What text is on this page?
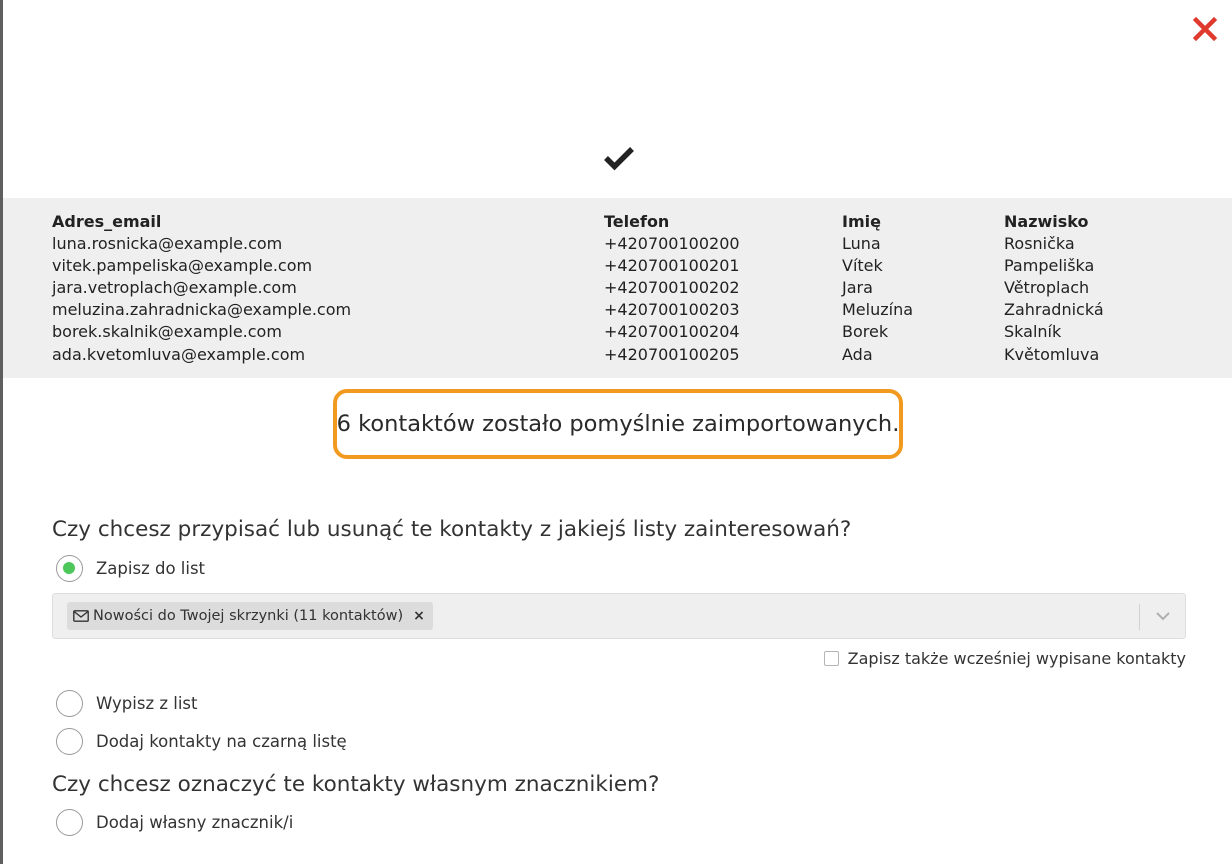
Adres_email	Telefon	Imię	Nazwisko
luna.rosnicka@example.com	+420700100200	Luna	Rosnička
vitek.pampeliska@example.com	+420700100201	Vítek	Pampeliška
jara.vetroplach@example.com	+420700100202	Jara	Větroplach
meluzina.zahradnicka@example.com	+420700100203	Meluzína	Zahradnická
borek.skalnik@example.com	+420700100204	Borek	Skalník
ada.kvetomluva@example.com	+420700100205	Ada	Květomluva
6 kontaktów zostało pomyślnie zaimportowanych.
Czy chcesz przypisać lub usunąć te kontakty z jakiejś listy zainteresowań?
Zapisz do list
Nowości do Twojej skrzynki (11 kontaktów) ×
Zapisz także wcześniej wypisane kontakty
Wypisz z list
Dodaj kontakty na czarną listę
Czy chcesz oznaczyć te kontakty własnym znacznikiem?
Dodaj własny znacznik/i
